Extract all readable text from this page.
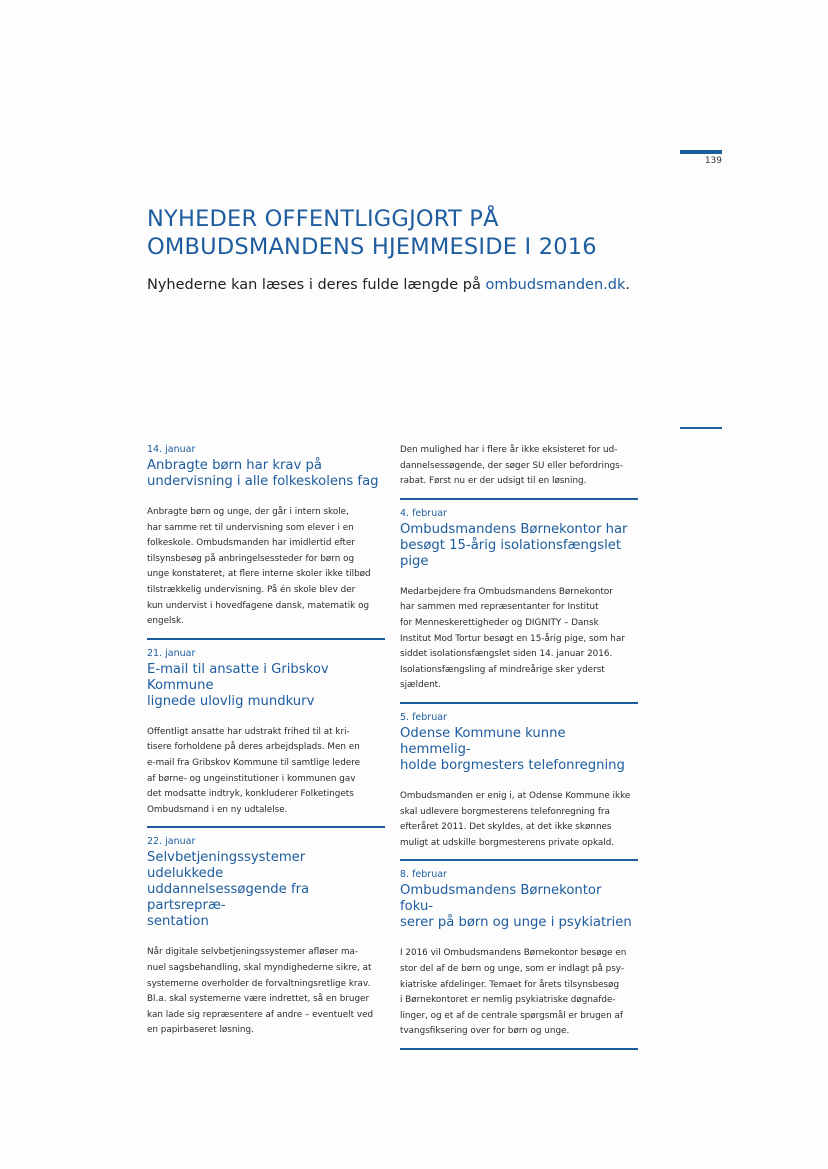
139
NYHEDER OFFENTLIGGJORT PÅ
OMBUDSMANDENS HJEMMESIDE I 2016
Nyhederne kan læses i deres fulde længde på ombudsmanden.dk.
14. januar
Anbragte børn har krav på
undervisning i alle folkeskolens fag

Anbragte børn og unge, der går i intern skole,
har samme ret til undervisning som elever i en
folkeskole. Ombudsmanden har imidlertid efter
tilsynsbesøg på anbringelsessteder for børn og
unge konstateret, at flere interne skoler ikke tilbød
tilstrækkelig undervisning. På én skole blev der
kun undervist i hovedfagene dansk, matematik og
engelsk.

21. januar
E-mail til ansatte i Gribskov Kommune
lignede ulovlig mundkurv

Offentligt ansatte har udstrakt frihed til at kri-
tisere forholdene på deres arbejdsplads. Men en
e-mail fra Gribskov Kommune til samtlige ledere
af børne- og ungeinstitutioner i kommunen gav
det modsatte indtryk, konkluderer Folketingets
Ombudsmand i en ny udtalelse.

22. januar
Selvbetjeningssystemer udelukkede
uddannelsessøgende fra partsrepræ-
sentation

Når digitale selvbetjeningssystemer afløser ma-
nuel sagsbehandling, skal myndighederne sikre, at
systemerne overholder de forvaltningsretlige krav.
Bl.a. skal systemerne være indrettet, så en bruger
kan lade sig repræsentere af andre – eventuelt ved
en papirbaseret løsning.

Den mulighed har i flere år ikke eksisteret for ud-
dannelsessøgende, der søger SU eller befordrings-
rabat. Først nu er der udsigt til en løsning.

4. februar
Ombudsmandens Børnekontor har
besøgt 15-årig isolationsfængslet
pige

Medarbejdere fra Ombudsmandens Børnekontor
har sammen med repræsentanter for Institut
for Menneskerettigheder og DIGNITY – Dansk
Institut Mod Tortur besøgt en 15-årig pige, som har
siddet isolationsfængslet siden 14. januar 2016.
Isolationsfængsling af mindreårige sker yderst
sjældent.

5. februar
Odense Kommune kunne hemmelig-
holde borgmesters telefonregning

Ombudsmanden er enig i, at Odense Kommune ikke
skal udlevere borgmesterens telefonregning fra
efteråret 2011. Det skyldes, at det ikke skønnes
muligt at udskille borgmesterens private opkald.

8. februar
Ombudsmandens Børnekontor foku-
serer på børn og unge i psykiatrien

I 2016 vil Ombudsmandens Børnekontor besøge en
stor del af de børn og unge, som er indlagt på psy-
kiatriske afdelinger. Temaet for årets tilsynsbesøg
i Børnekontoret er nemlig psykiatriske døgnafde-
linger, og et af de centrale spørgsmål er brugen af
tvangsfiksering over for børn og unge.
